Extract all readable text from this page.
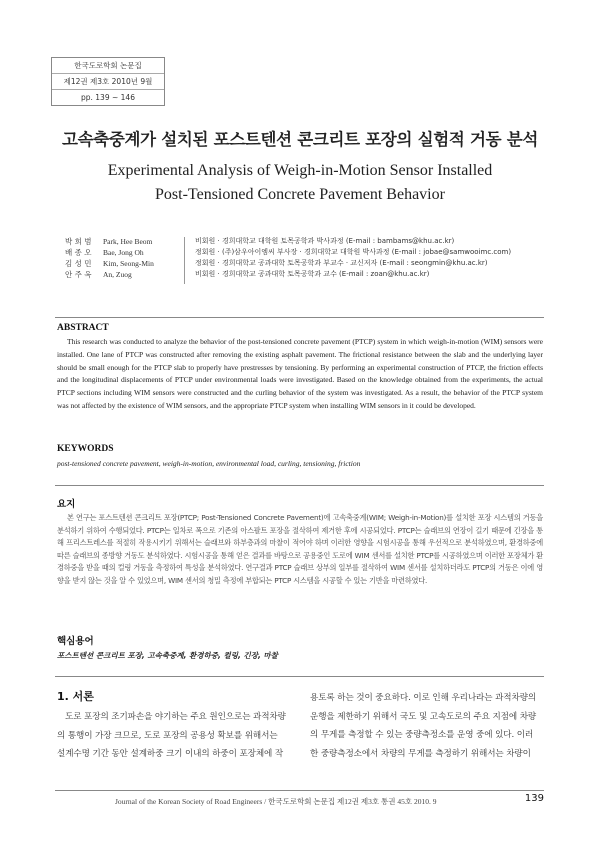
한국도로학회 논문집
제12권 제3호 2010년 9월
pp. 139 ~ 146
고속축중계가 설치된 포스트텐션 콘크리트 포장의 실험적 거동 분석
Experimental Analysis of Weigh-in-Motion Sensor Installed
Post-Tensioned Concrete Pavement Behavior
박 희 범 Park, Hee Beom	비회원 · 경희대학교 대학원 토목공학과 박사과정 (E-mail : bambams@khu.ac.kr)
배 종 오 Bae, Jong Oh	정회원 · (주)삼우아이엠씨 부사장 · 경희대학교 대학원 박사과정 (E-mail : jobae@samwooimc.com)
김 성 민 Kim, Seong-Min	정회원 · 경희대학교 공과대학 토목공학과 부교수 · 교신저자 (E-mail : seongmin@khu.ac.kr)
안 주 옥 An, Zuog	비회원 · 경희대학교 공과대학 토목공학과 교수 (E-mail : zoan@khu.ac.kr)
ABSTRACT
This research was conducted to analyze the behavior of the post-tensioned concrete pavement (PTCP) system in which weigh-in-motion (WIM) sensors were installed. One lane of PTCP was constructed after removing the existing asphalt pavement. The frictional resistance between the slab and the underlying layer should be small enough for the PTCP slab to properly have prestresses by tensioning. By performing an experimental construction of PTCP, the friction effects and the longitudinal displacements of PTCP under environmental loads were investigated. Based on the knowledge obtained from the experiments, the actual PTCP sections including WIM sensors were constructed and the curling behavior of the system was investigated. As a result, the behavior of the PTCP system was not affected by the existence of WIM sensors, and the appropriate PTCP system when installing WIM sensors in it could be developed.
KEYWORDS
post-tensioned concrete pavement, weigh-in-motion, environmental load, curling, tensioning, friction
요지
본 연구는 포스트텐션 콘크리트 포장(PTCP; Post-Tensioned Concrete Pavement)에 고속축중계(WIM; Weigh-in-Motion)를 설치한 포장 시스템의 거동을 분석하기 위하여 수행되었다. PTCP는 일차로 폭으로 기존의 아스팔트 포장을 절삭하여 제거한 후에 시공되었다. PTCP는 슬래브의 연장이 길기 때문에 긴장을 통해 프리스트레스를 적절히 작용시키기 위해서는 슬래브와 하부층과의 마찰이 적어야 하며 이러한 영향을 시험시공을 통해 우선적으로 분석하였으며, 환경하중에 따른 슬래브의 종방향 거동도 분석하였다. 시험시공을 통해 얻은 결과를 바탕으로 공용중인 도로에 WIM 센서를 설치한 PTCP를 시공하였으며 이러한 포장체가 환경하중을 받을 때의 컬링 거동을 측정하여 특성을 분석하였다. 연구결과 PTCP 슬래브 상부의 일부를 절삭하여 WIM 센서를 설치하더라도 PTCP의 거동은 이에 영향을 받지 않는 것을 알 수 있었으며, WIM 센서의 청밀 측정에 부합되는 PTCP 시스템을 시공할 수 있는 기반을 마련하였다.
핵심용어
포스트텐션 콘크리트 포장, 고속축중계, 환경하중, 컬링, 긴장, 마찰
1. 서론
도로 포장의 조기파손을 야기하는 주요 원인으로는 과적차량
의 통행이 가장 크므로, 도로 포장의 공용성 확보를 위해서는
설계수명 기간 동안 설계하중 크기 이내의 하중이 포장체에 작
용토록 하는 것이 중요하다. 이로 인해 우리나라는 과적차량의
운행을 제한하기 위해서 국도 및 고속도로의 주요 지점에 차량
의 무게를 측정할 수 있는 중량측정소를 운영 중에 있다. 이러
한 중량측정소에서 차량의 무게를 측정하기 위해서는 차량이
Journal of the Korean Society of Road Engineers / 한국도로학회 논문집 제12권 제3호 통권 45호 2010. 9	139
